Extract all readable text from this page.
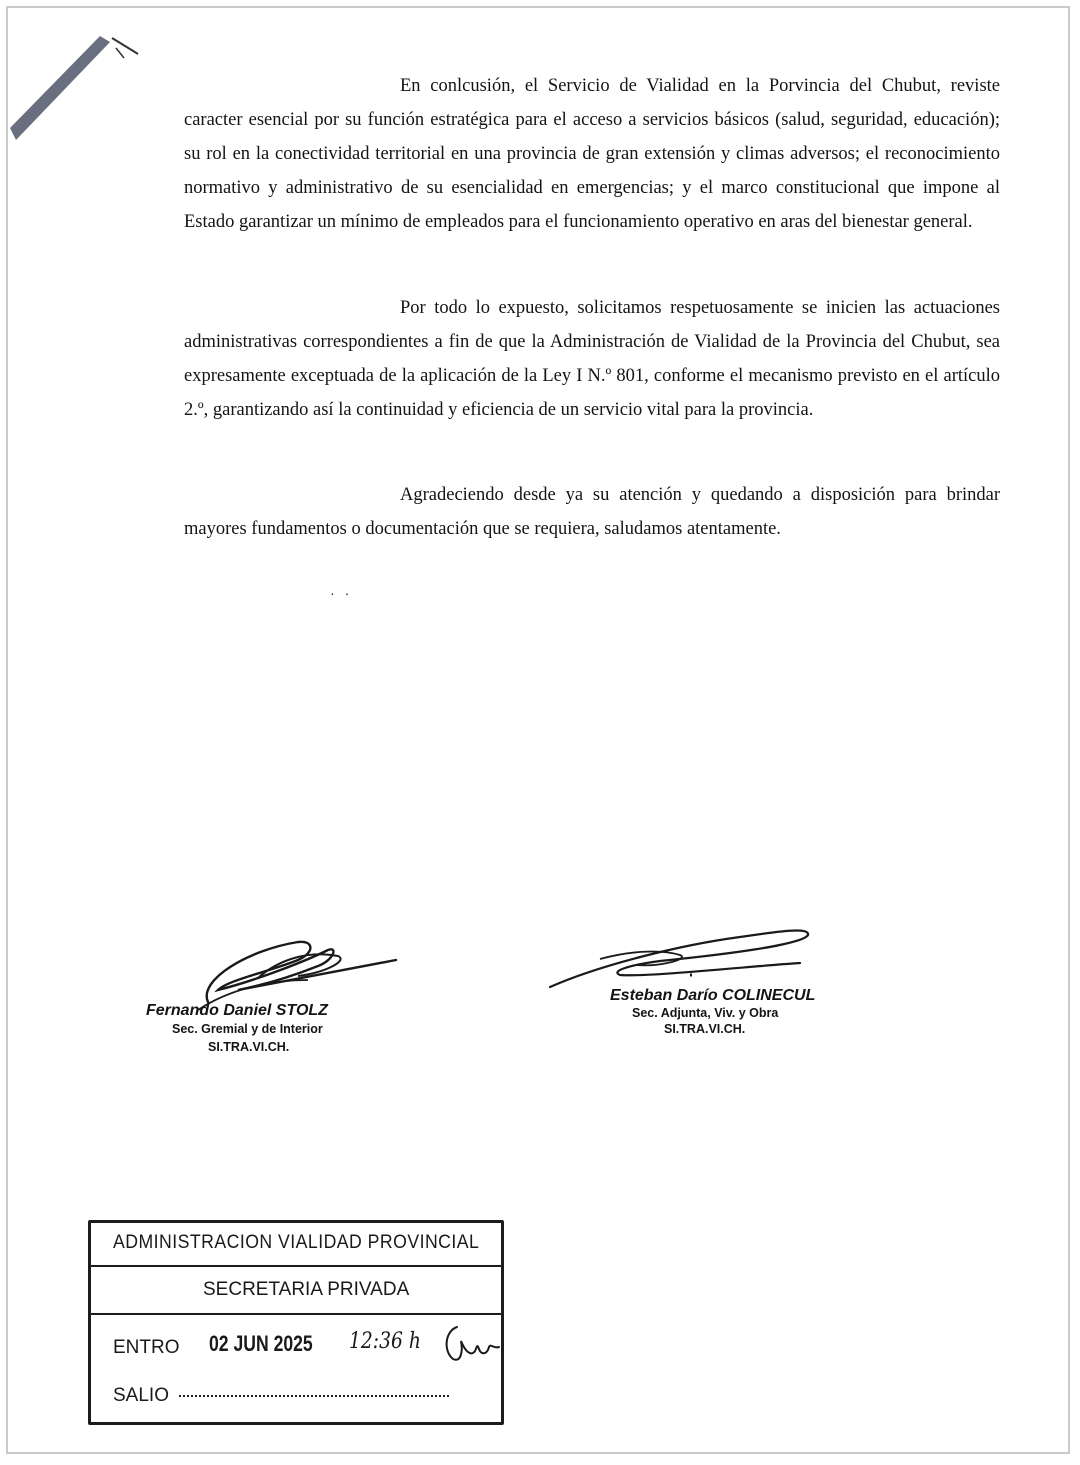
En conlcusión, el Servicio de Vialidad en la Porvincia del Chubut, reviste caracter esencial por su función estratégica para el acceso a servicios básicos (salud, seguridad, educación); su rol en la conectividad territorial en una provincia de gran extensión y climas adversos; el reconocimiento normativo y administrativo de su esencialidad en emergencias; y el marco constitucional que impone al Estado garantizar un mínimo de empleados para el funcionamiento operativo en aras del bienestar general.

Por todo lo expuesto, solicitamos respetuosamente se inicien las actuaciones administrativas correspondientes a fin de que la Administración de Vialidad de la Provincia del Chubut, sea expresamente exceptuada de la aplicación de la Ley I N.º 801, conforme el mecanismo previsto en el artículo 2.º, garantizando así la continuidad y eficiencia de un servicio vital para la provincia.

Agradeciendo desde ya su atención y quedando a disposición para brindar mayores fundamentos o documentación que se requiera, saludamos atentamente.

··
Fernando Daniel STOLZ
Sec. Gremial y de Interior
SI.TRA.VI.CH.
Esteban Darío COLINECUL
Sec. Adjunta, Viv. y Obra
SI.TRA.VI.CH.
ADMINISTRACION VIALIDAD PROVINCIAL
SECRETARIA PRIVADA
ENTRO 02 JUN 2025 12:36 h
SALIO
